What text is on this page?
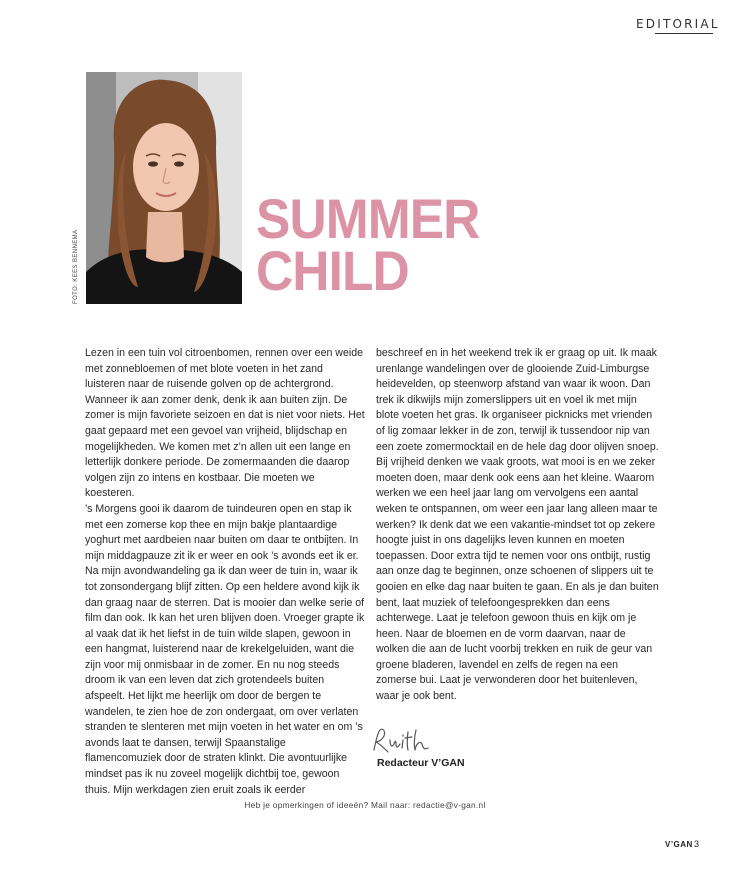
EDITORIAL
FOTO: KEES BENNEMA
SUMMER
CHILD

Lezen in een tuin vol citroenbomen, rennen over een weide met zonnebloemen of met blote voeten in het zand luisteren naar de ruisende golven op de achtergrond. Wanneer ik aan zomer denk, denk ik aan buiten zijn. De zomer is mijn favoriete seizoen en dat is niet voor niets. Het gaat gepaard met een gevoel van vrijheid, blijdschap en mogelijkheden. We komen met z’n allen uit een lange en letterlijk donkere periode. De zomermaanden die daarop volgen zijn zo intens en kostbaar. Die moeten we koesteren.

’s Morgens gooi ik daarom de tuindeuren open en stap ik met een zomerse kop thee en mijn bakje plantaardige yoghurt met aardbeien naar buiten om daar te ontbijten. In mijn middagpauze zit ik er weer en ook ’s avonds eet ik er. Na mijn avondwandeling ga ik dan weer de tuin in, waar ik tot zonsondergang blijf zitten. Op een heldere avond kijk ik dan graag naar de sterren. Dat is mooier dan welke serie of film dan ook. Ik kan het uren blijven doen. Vroeger grapte ik al vaak dat ik het liefst in de tuin wilde slapen, gewoon in een hangmat, luisterend naar de krekelgeluiden, want die zijn voor mij onmisbaar in de zomer. En nu nog steeds droom ik van een leven dat zich grotendeels buiten afspeelt. Het lijkt me heerlijk om door de bergen te wandelen, te zien hoe de zon ondergaat, om over verlaten stranden te slenteren met mijn voeten in het water en om ’s avonds laat te dansen, terwijl Spaanstalige flamencomuziek door de straten klinkt. Die avontuurlijke mindset pas ik nu zoveel mogelijk dichtbij toe, gewoon thuis. Mijn werkdagen zien eruit zoals ik eerder

beschreef en in het weekend trek ik er graag op uit. Ik maak urenlange wandelingen over de glooiende Zuid-Limburgse heidevelden, op steenworp afstand van waar ik woon. Dan trek ik dikwijls mijn zomerslippers uit en voel ik met mijn blote voeten het gras. Ik organiseer picknicks met vrienden of lig zomaar lekker in de zon, terwijl ik tussendoor nip van een zoete zomermocktail en de hele dag door olijven snoep. Bij vrijheid denken we vaak groots, wat mooi is en we zeker moeten doen, maar denk ook eens aan het kleine. Waarom werken we een heel jaar lang om vervolgens een aantal weken te ontspannen, om weer een jaar lang alleen maar te werken? Ik denk dat we een vakantie-mindset tot op zekere hoogte juist in ons dagelijks leven kunnen en moeten toepassen. Door extra tijd te nemen voor ons ontbijt, rustig aan onze dag te beginnen, onze schoenen of slippers uit te gooien en elke dag naar buiten te gaan. En als je dan buiten bent, laat muziek of telefoongesprekken dan eens achterwege. Laat je telefoon gewoon thuis en kijk om je heen. Naar de bloemen en de vorm daarvan, naar de wolken die aan de lucht voorbij trekken en ruik de geur van groene bladeren, lavendel en zelfs de regen na een zomerse bui. Laat je verwonderen door het buitenleven, waar je ook bent.

Redacteur V’GAN
Heb je opmerkingen of ideeën? Mail naar: redactie@v-gan.nl
V’GAN 3
